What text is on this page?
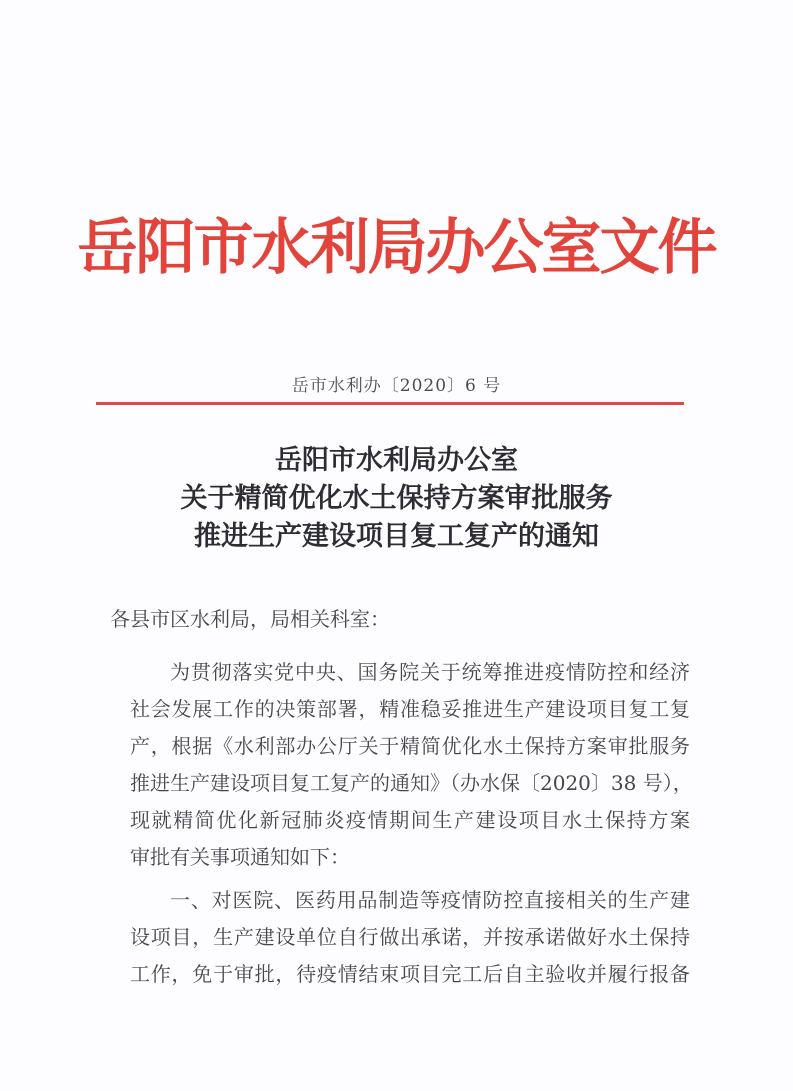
岳阳市水利局办公室文件
岳市水利办〔2020〕6 号
岳阳市水利局办公室
关于精简优化水土保持方案审批服务
推进生产建设项目复工复产的通知
各县市区水利局，局相关科室：
为贯彻落实党中央、国务院关于统筹推进疫情防控和经济
社会发展工作的决策部署，精准稳妥推进生产建设项目复工复
产，根据《水利部办公厅关于精简优化水土保持方案审批服务
推进生产建设项目复工复产的通知》（办水保〔2020〕38 号），
现就精简优化新冠肺炎疫情期间生产建设项目水土保持方案
审批有关事项通知如下：
一、对医院、医药用品制造等疫情防控直接相关的生产建
设项目，生产建设单位自行做出承诺，并按承诺做好水土保持
工作，免于审批，待疫情结束项目完工后自主验收并履行报备
